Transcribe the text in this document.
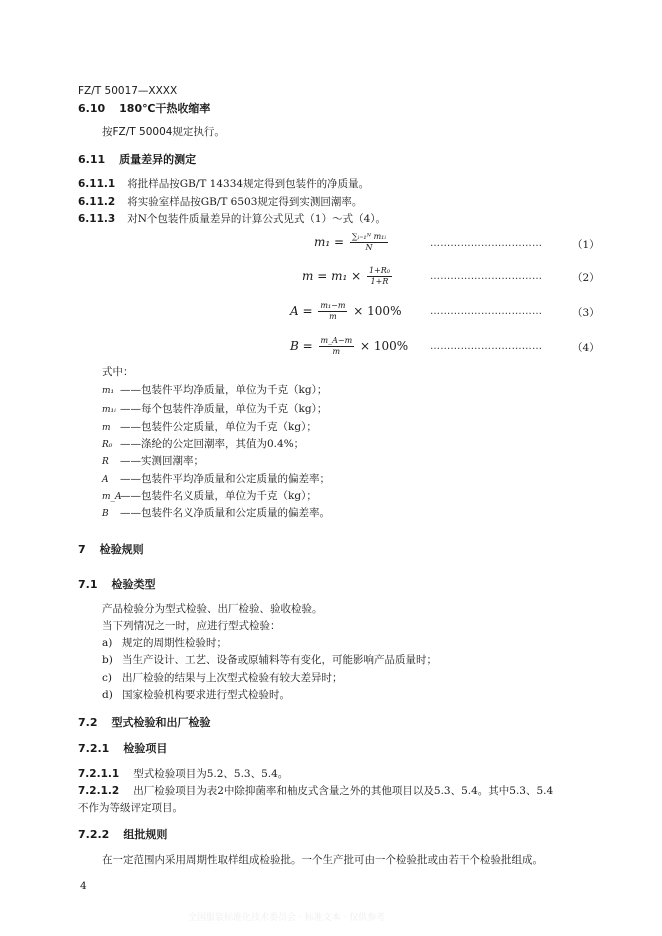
FZ/T 50017—XXXX
6.10 180℃干热收缩率
按FZ/T 50004规定执行。
6.11 质量差异的测定
6.11.1 将批样品按GB/T 14334规定得到包装件的净质量。
6.11.2 将实验室样品按GB/T 6503规定得到实测回潮率。
6.11.3 对N个包装件质量差异的计算公式见式（1）～式（4）。
$m_1 = \frac{\text{∑ᵢ₌₁ᴺ m₁ᵢ}}{N}$	……………………………	（1）
$m = m_1 \times \frac{\text{1+R₀}}{1+R}$	……………………………	（2）
$A = \frac{\text{m₁−m}}{m} \times 100\%$	……………………………	（3）
$B = \frac{m\_A-m}{m} \times 100\%$ ……………………………	（4）
式中：
m₁ ——包装件平均净质量，单位为千克（kg）；
m₁ᵢ ——每个包装件净质量，单位为千克（kg）；
m ——包装件公定质量，单位为千克（kg）；
R₀ ——涤纶的公定回潮率，其值为0.4%；
R ——实测回潮率；
A ——包装件平均净质量和公定质量的偏差率；
m_A——包装件名义质量，单位为千克（kg）；
B ——包装件名义净质量和公定质量的偏差率。
7 检验规则
7.1 检验类型
产品检验分为型式检验、出厂检验、验收检验。
当下列情况之一时，应进行型式检验：
a) 规定的周期性检验时；
b) 当生产设计、工艺、设备或原辅料等有变化，可能影响产品质量时；
c) 出厂检验的结果与上次型式检验有较大差异时；
d) 国家检验机构要求进行型式检验时。
7.2 型式检验和出厂检验
7.2.1 检验项目
7.2.1.1 型式检验项目为5.2、5.3、5.4。
7.2.1.2 出厂检验项目为表2中除抑菌率和柚皮式含量之外的其他项目以及5.3、5.4。其中5.3、5.4
不作为等级评定项目。
7.2.2 组批规则
在一定范围内采用周期性取样组成检验批。一个生产批可由一个检验批或由若干个检验批组成。
4
全国服装标准化技术委员会 · 标准文本 · 仅供参考
